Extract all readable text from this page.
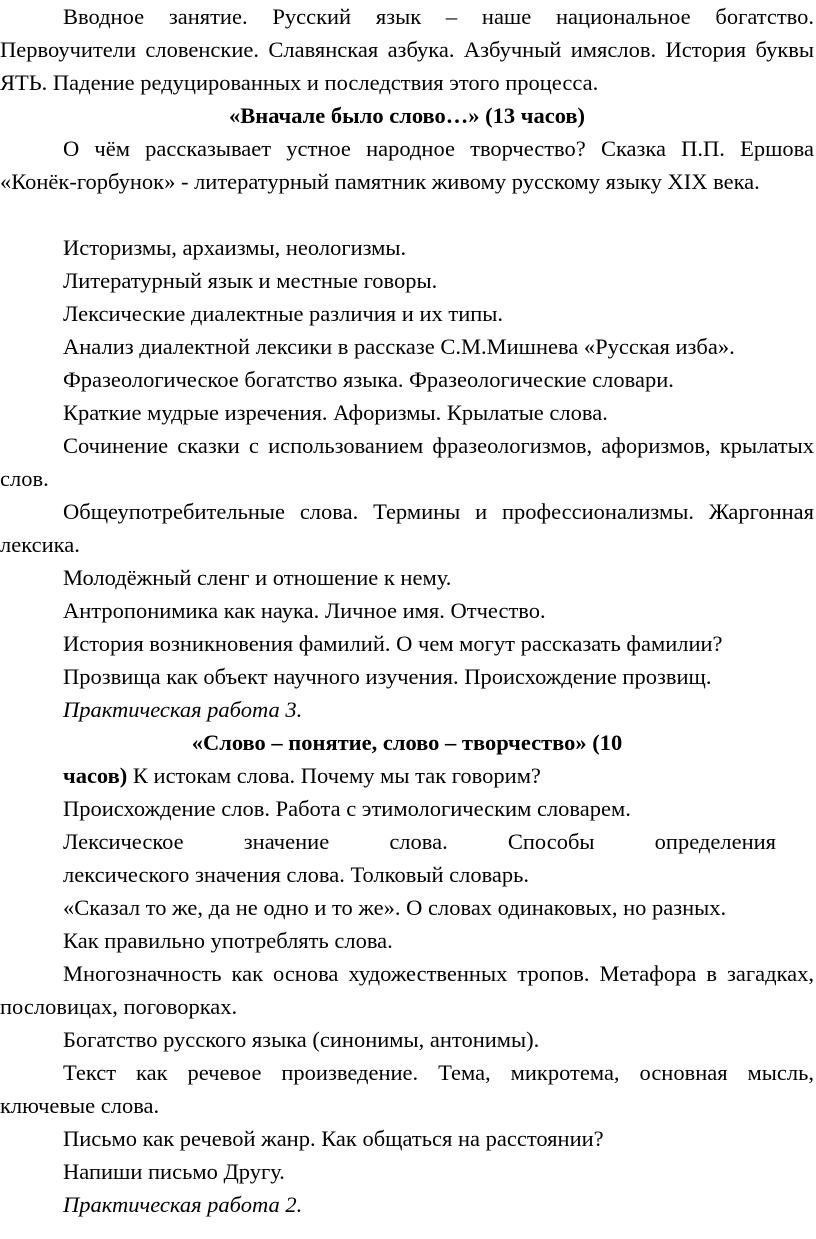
Вводное занятие. Русский язык – наше национальное богатство. Первоучители словенские. Славянская азбука. Азбучный имяслов. История буквы ЯТЬ. Падение редуцированных и последствия этого процесса.

«Вначале было слово…» (13 часов)

О чём рассказывает устное народное творчество? Сказка П.П. Ершова «Конёк-горбунок» - литературный памятник живому русскому языку XIX века.

Историзмы, архаизмы, неологизмы.

Литературный язык и местные говоры.

Лексические диалектные различия и их типы.

Анализ диалектной лексики в рассказе С.М.Мишнева «Русская изба».

Фразеологическое богатство языка. Фразеологические словари.

Краткие мудрые изречения. Афоризмы. Крылатые слова.

Сочинение сказки с использованием фразеологизмов, афоризмов, крылатых слов.

Общеупотребительные слова. Термины и профессионализмы. Жаргонная лексика.

Молодёжный сленг и отношение к нему.

Антропонимика как наука. Личное имя. Отчество.

История возникновения фамилий. О чем могут рассказать фамилии?

Прозвища как объект научного изучения. Происхождение прозвищ.

Практическая работа 3.

«Слово – понятие, слово – творчество» (10

часов) К истокам слова. Почему мы так говорим?
Происхождение слов. Работа с этимологическим словарем.
Лексическое значение слова. Способы определения
лексического значения слова. Толковый словарь.
«Сказал то же, да не одно и то же». О словах одинаковых, но разных.
Как правильно употреблять слова.

Многозначность как основа художественных тропов. Метафора в загадках, пословицах, поговорках.

Богатство русского языка (синонимы, антонимы).

Текст как речевое произведение. Тема, микротема, основная мысль, ключевые слова.

Письмо как речевой жанр. Как общаться на расстоянии?

Напиши письмо Другу.

Практическая работа 2.
